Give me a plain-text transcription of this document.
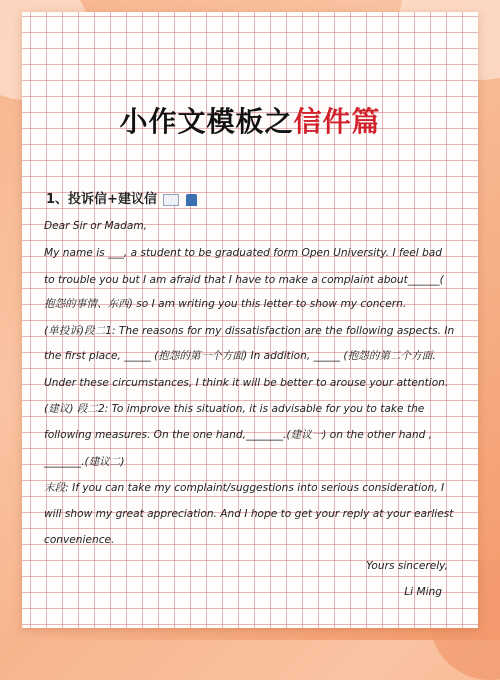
小作文模板之信件篇
1、投诉信+建议信
Dear Sir or Madam,
My name is ___, a student to be graduated form Open University. I feel bad
to trouble you but I am afraid that I have to make a complaint about______(
抱怨的事情、东西) so I am writing you this letter to show my concern.
(单投诉)段二1: The reasons for my dissatisfaction are the following aspects. In
the first place, _____ (抱怨的第一个方面) In addition, _____ (抱怨的第二个方面.
Under these circumstances, I think it will be better to arouse your attention.
(建议) 段二2: To improve this situation, it is advisable for you to take the
following measures. On the one hand,_______.(建议一) on the other hand ,
_______.(建议二)
末段: If you can take my complaint/suggestions into serious consideration, I
will show my great appreciation. And I hope to get your reply at your earliest
convenience.
Yours sincerely,
Li Ming
